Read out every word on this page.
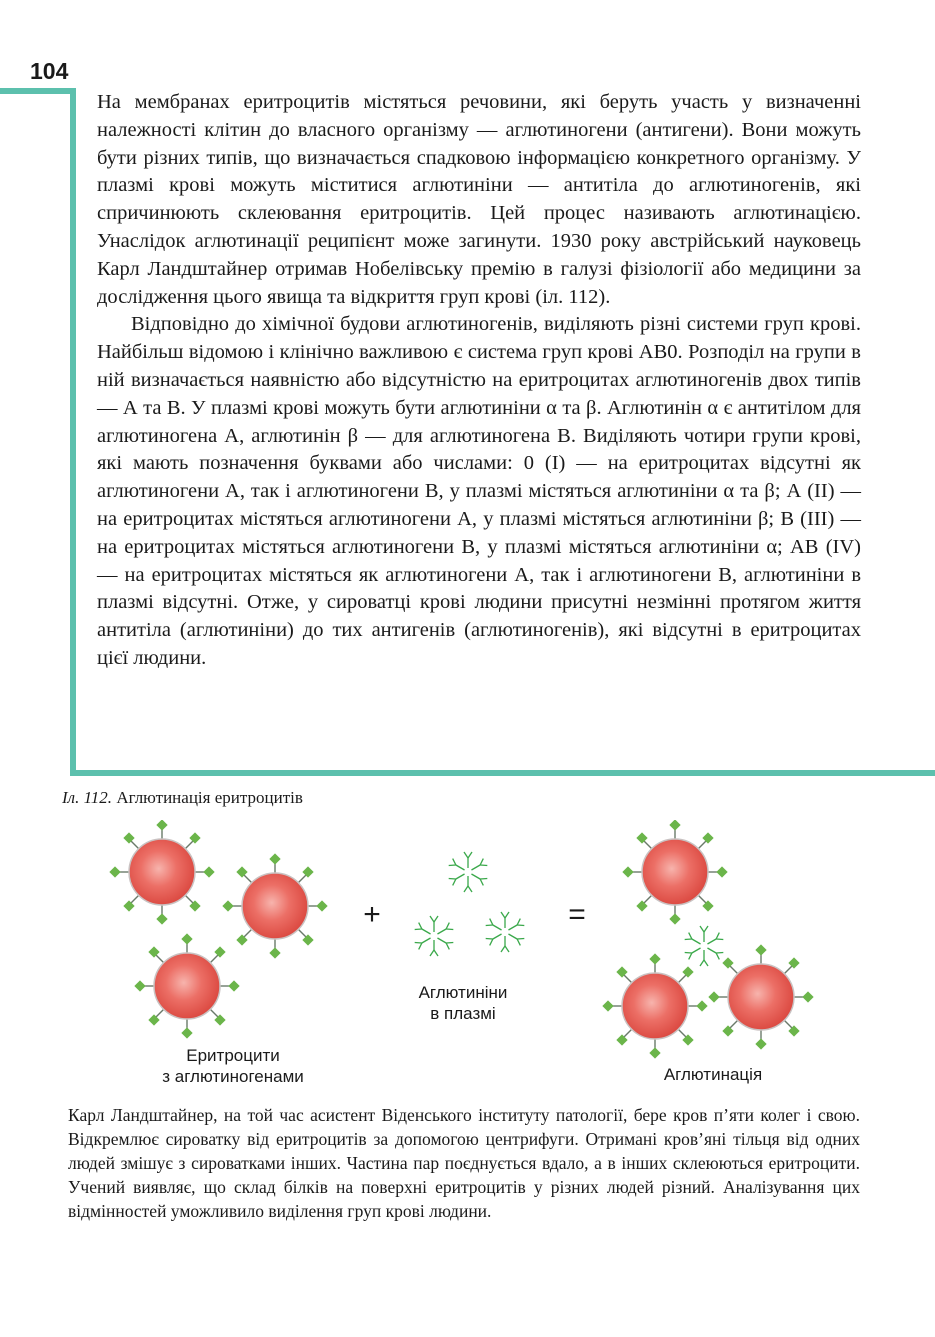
104

На мембранах еритроцитів містяться речовини, які беруть участь у визначенні належності клітин до власного організму — аглютиногени (антигени). Вони можуть бути різних типів, що визначається спадковою інформацією конкретного організму. У плазмі крові можуть міститися аглютиніни — антитіла до аглютиногенів, які спричинюють склеювання еритроцитів. Цей процес називають аглютинацією. Унаслідок аглютинації реципієнт може загинути. 1930 року австрійський науковець Карл Ландштайнер отримав Нобелівську премію в галузі фізіології або медицини за дослідження цього явища та відкриття груп крові (іл. 112).

Відповідно до хімічної будови аглютиногенів, виділяють різні системи груп крові. Найбільш відомою і клінічно важливою є система груп крові АВ0. Розподіл на групи в ній визначається наявністю або відсутністю на еритроцитах аглютиногенів двох типів — А та В. У плазмі крові можуть бути аглютиніни α та β. Аглютинін α є антитілом для аглютиногена А, аглютинін β — для аглютиногена В. Виділяють чотири групи крові, які мають позначення буквами або числами: 0 (І) — на еритроцитах відсутні як аглютиногени А, так і аглютиногени В, у плазмі містяться аглютиніни α та β; А (ІІ) — на еритроцитах містяться аглютиногени А, у плазмі містяться аглютиніни β; В (ІІІ) — на еритроцитах містяться аглютиногени В, у плазмі містяться аглютиніни α; АВ (ІV) — на еритроцитах містяться як аглютиногени А, так і аглютиногени В, аглютиніни в плазмі відсутні. Отже, у сироватці крові людини присутні незмінні протягом життя антитіла (аглютиніни) до тих антигенів (аглютиногенів), які відсутні в еритроцитах цієї людини.

Іл. 112. Аглютинація еритроцитів
+	=
Еритроцити
з аглютиногенами
Аглютиніни
в плазмі
Аглютинація

Карл Ландштайнер, на той час асистент Віденського інституту патології, бере кров п’яти колег і свою. Відкремлює сироватку від еритроцитів за допомогою центрифуги. Отримані кров’яні тільця від одних людей змішує з сироватками інших. Частина пар поєднується вдало, а в інших склеюються еритроцити. Учений виявляє, що склад білків на поверхні еритроцитів у різних людей різний. Аналізування цих відмінностей уможливило виділення груп крові людини.
